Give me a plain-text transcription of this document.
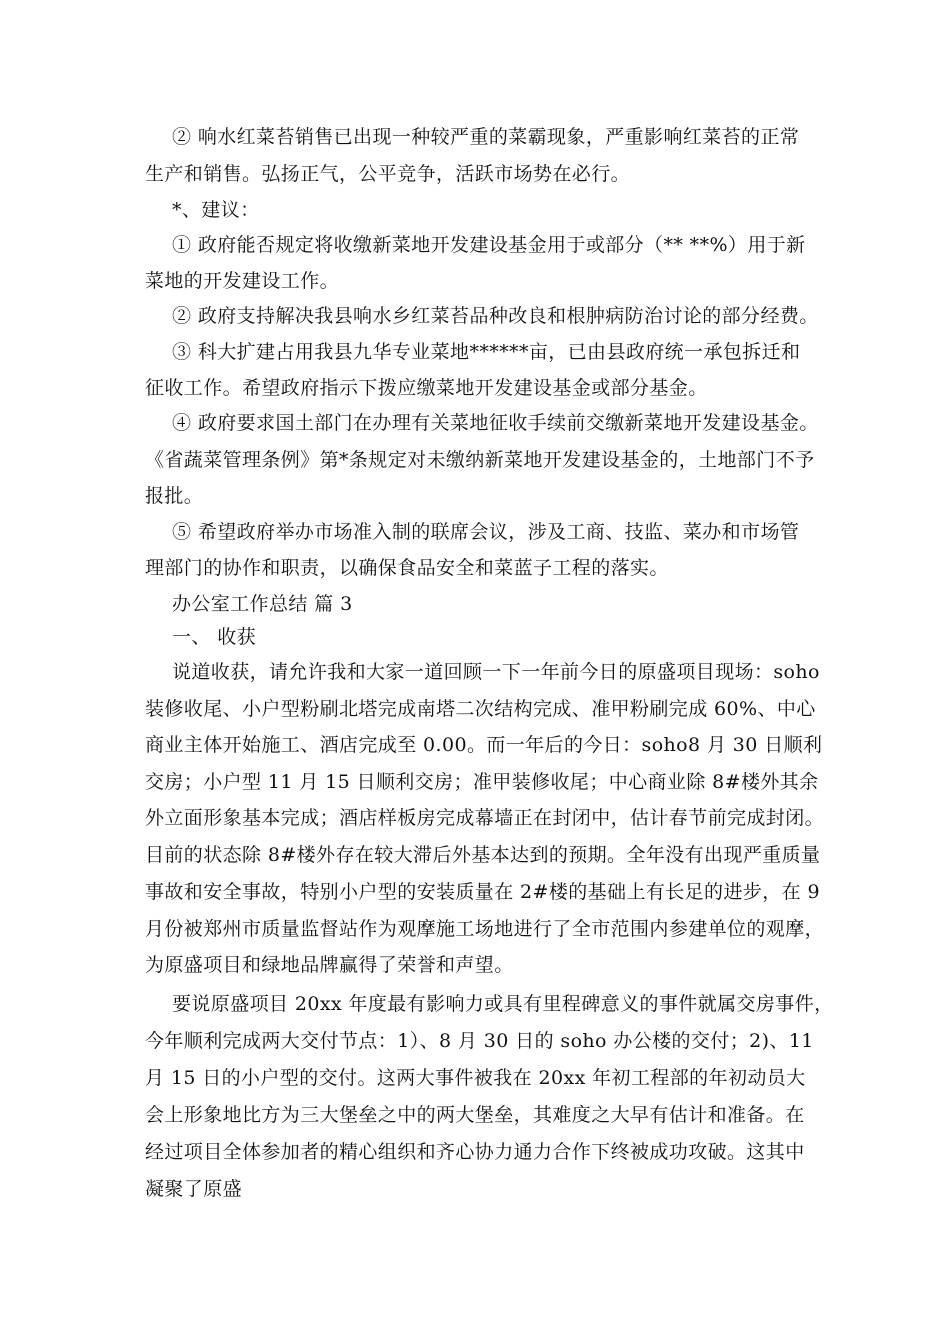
② 响水红菜苔销售已出现一种较严重的菜霸现象，严重影响红菜苔的正常
生产和销售。弘扬正气，公平竞争，活跃市场势在必行。
*、建议：
① 政府能否规定将收缴新菜地开发建设基金用于或部分（** **%）用于新
菜地的开发建设工作。
② 政府支持解决我县响水乡红菜苔品种改良和根肿病防治讨论的部分经费。
③ 科大扩建占用我县九华专业菜地******亩，已由县政府统一承包拆迁和
征收工作。希望政府指示下拨应缴菜地开发建设基金或部分基金。
④ 政府要求国土部门在办理有关菜地征收手续前交缴新菜地开发建设基金。
《省蔬菜管理条例》第*条规定对未缴纳新菜地开发建设基金的，土地部门不予
报批。
⑤ 希望政府举办市场准入制的联席会议，涉及工商、技监、菜办和市场管
理部门的协作和职责，以确保食品安全和菜蓝子工程的落实。
办公室工作总结 篇 3
一、 收获
说道收获，请允许我和大家一道回顾一下一年前今日的原盛项目现场：soho
装修收尾、小户型粉刷北塔完成南塔二次结构完成、准甲粉刷完成 60%、中心
商业主体开始施工、酒店完成至 0.00。而一年后的今日：soho8 月 30 日顺利
交房；小户型 11 月 15 日顺利交房；准甲装修收尾；中心商业除 8#楼外其余
外立面形象基本完成；酒店样板房完成幕墙正在封闭中，估计春节前完成封闭。
目前的状态除 8#楼外存在较大滞后外基本达到的预期。全年没有出现严重质量
事故和安全事故，特别小户型的安装质量在 2#楼的基础上有长足的进步，在 9
月份被郑州市质量监督站作为观摩施工场地进行了全市范围内参建单位的观摩，
为原盛项目和绿地品牌赢得了荣誉和声望。
要说原盛项目 20xx 年度最有影响力或具有里程碑意义的事件就属交房事件，
今年顺利完成两大交付节点：1）、8 月 30 日的 soho 办公楼的交付；2)、11
月 15 日的小户型的交付。这两大事件被我在 20xx 年初工程部的年初动员大
会上形象地比方为三大堡垒之中的两大堡垒，其难度之大早有估计和准备。在
经过项目全体参加者的精心组织和齐心协力通力合作下终被成功攻破。这其中
凝聚了原盛
